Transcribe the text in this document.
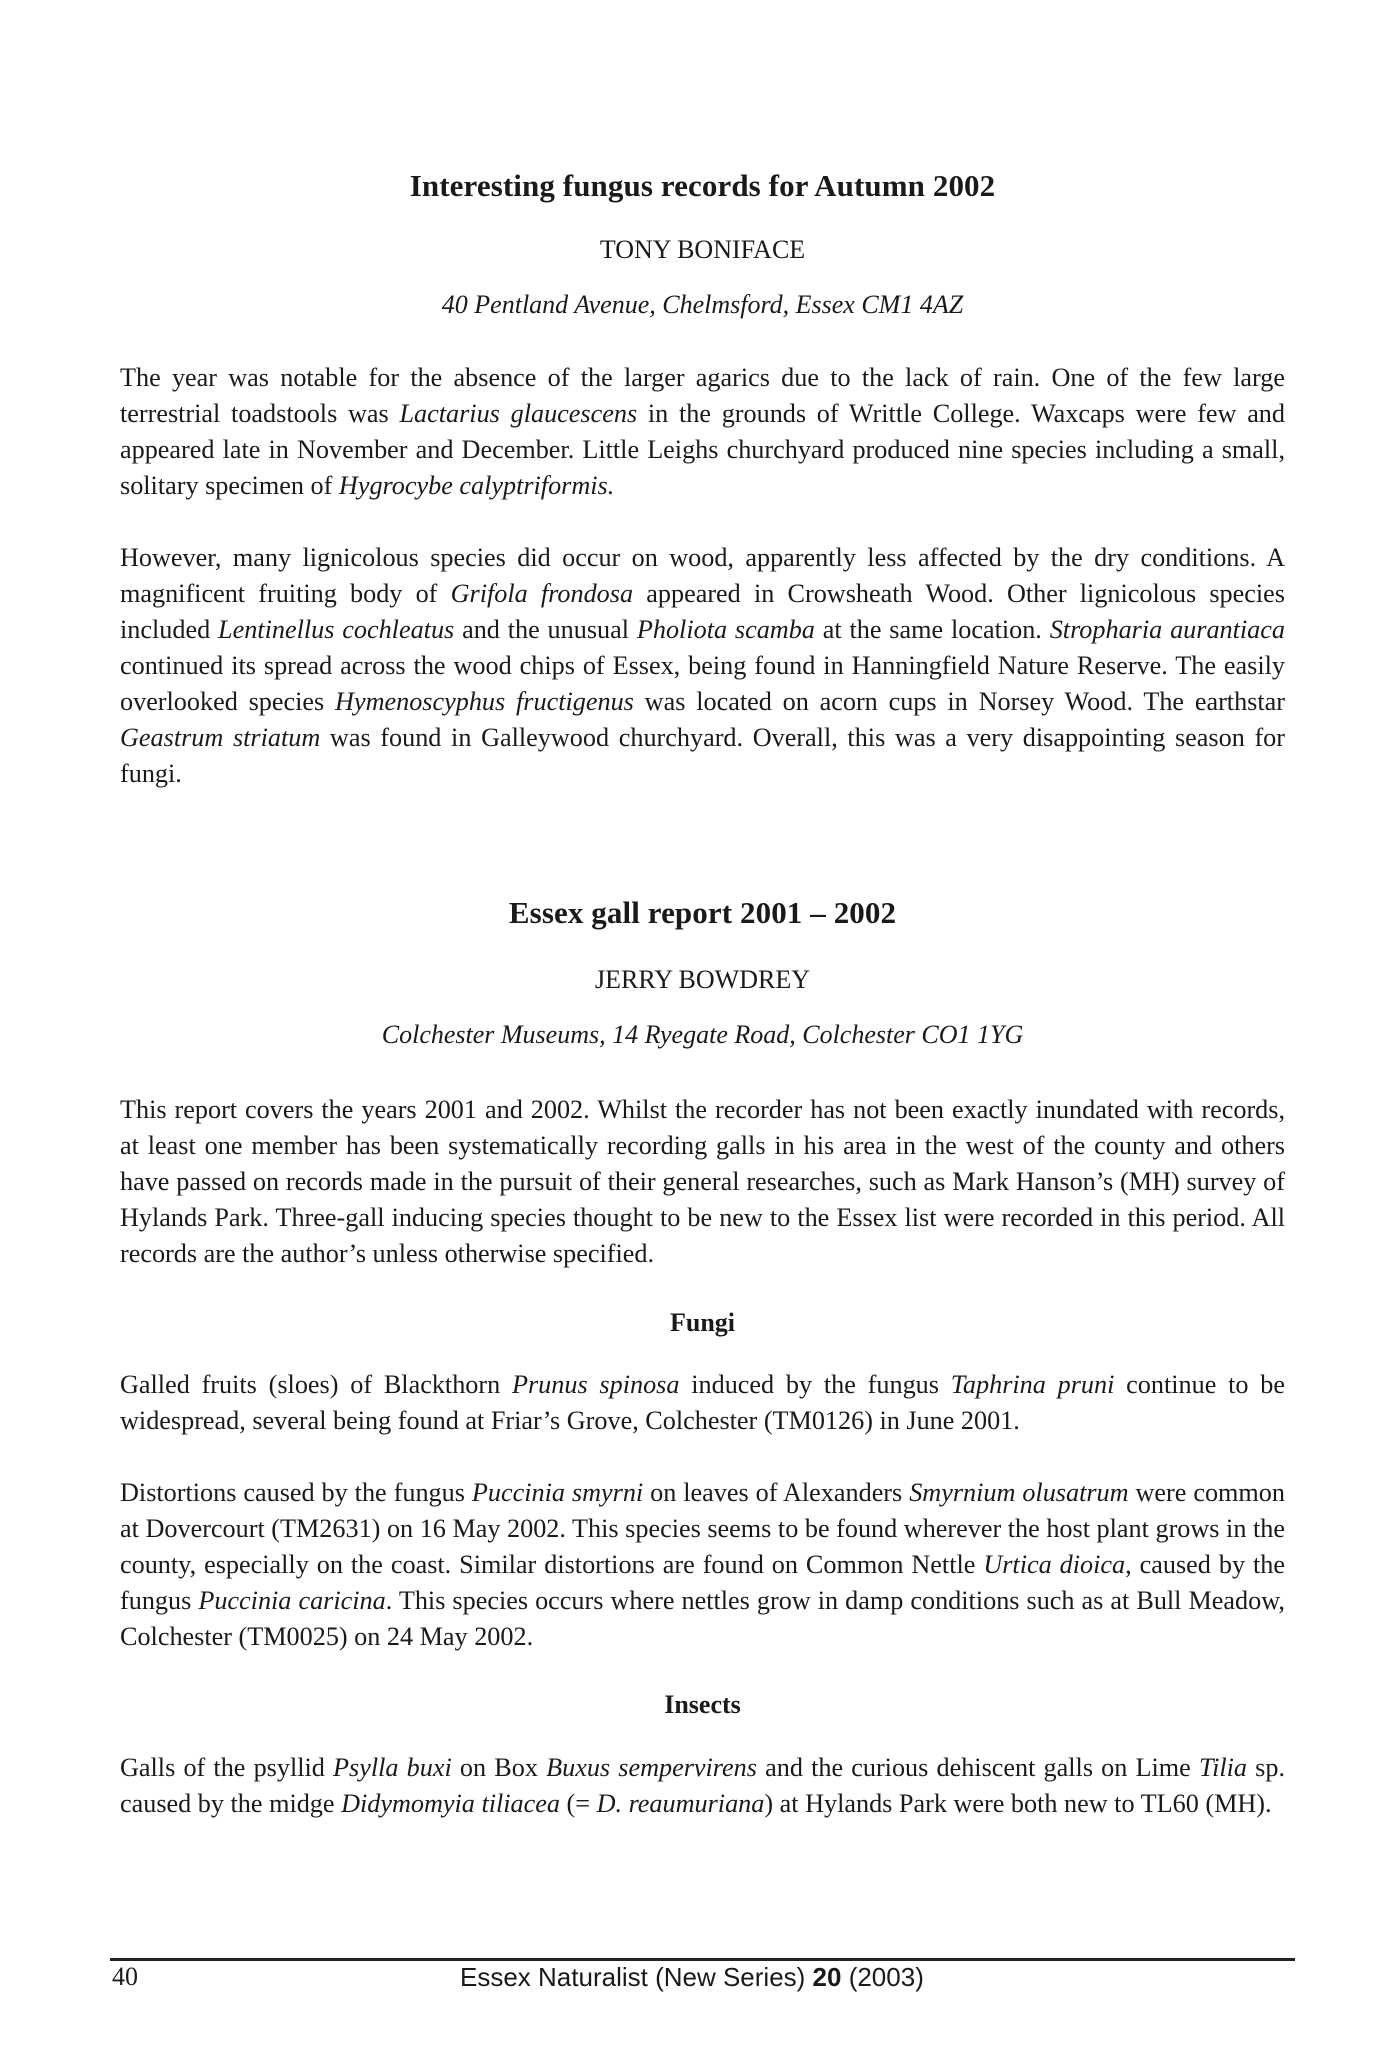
Interesting fungus records for Autumn 2002

TONY BONIFACE

40 Pentland Avenue, Chelmsford, Essex CM1 4AZ

The year was notable for the absence of the larger agarics due to the lack of rain. One of the few large terrestrial toadstools was Lactarius glaucescens in the grounds of Writtle College. Waxcaps were few and appeared late in November and December. Little Leighs churchyard produced nine species including a small, solitary specimen of Hygrocybe calyptriformis.

However, many lignicolous species did occur on wood, apparently less affected by the dry conditions. A magnificent fruiting body of Grifola frondosa appeared in Crowsheath Wood. Other lignicolous species included Lentinellus cochleatus and the unusual Pholiota scamba at the same location. Stropharia aurantiaca continued its spread across the wood chips of Essex, being found in Hanningfield Nature Reserve. The easily overlooked species Hymenoscyphus fructigenus was located on acorn cups in Norsey Wood. The earthstar Geastrum striatum was found in Galleywood churchyard. Overall, this was a very disappointing season for fungi.

Essex gall report 2001 – 2002

JERRY BOWDREY

Colchester Museums, 14 Ryegate Road, Colchester CO1 1YG

This report covers the years 2001 and 2002. Whilst the recorder has not been exactly inundated with records, at least one member has been systematically recording galls in his area in the west of the county and others have passed on records made in the pursuit of their general researches, such as Mark Hanson’s (MH) survey of Hylands Park. Three-gall inducing species thought to be new to the Essex list were recorded in this period. All records are the author’s unless otherwise specified.

Fungi

Galled fruits (sloes) of Blackthorn Prunus spinosa induced by the fungus Taphrina pruni continue to be widespread, several being found at Friar’s Grove, Colchester (TM0126) in June 2001.

Distortions caused by the fungus Puccinia smyrni on leaves of Alexanders Smyrnium olusatrum were common at Dovercourt (TM2631) on 16 May 2002. This species seems to be found wherever the host plant grows in the county, especially on the coast. Similar distortions are found on Common Nettle Urtica dioica, caused by the fungus Puccinia caricina. This species occurs where nettles grow in damp conditions such as at Bull Meadow, Colchester (TM0025) on 24 May 2002.

Insects

Galls of the psyllid Psylla buxi on Box Buxus sempervirens and the curious dehiscent galls on Lime Tilia sp. caused by the midge Didymomyia tiliacea (= D. reaumuriana) at Hylands Park were both new to TL60 (MH).

40	Essex Naturalist (New Series) 20 (2003)
